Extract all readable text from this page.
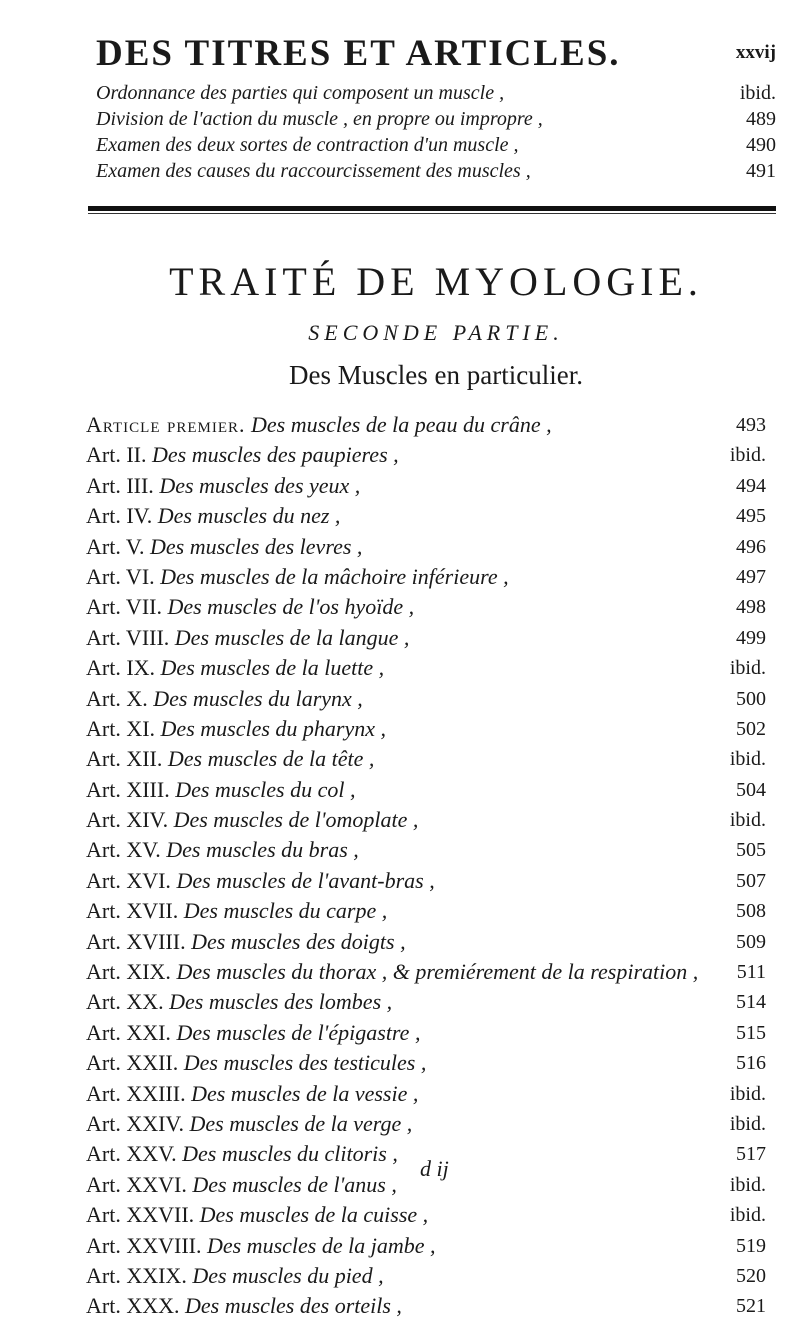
DES TITRES ET ARTICLES.	xxvij
Ordonnance des parties qui composent un muscle ,	ibid.
Division de l'action du muscle , en propre ou impropre ,	489
Examen des deux sortes de contraction d'un muscle ,	490
Examen des causes du raccourcissement des muscles ,	491
TRAITÉ DE MYOLOGIE.
SECONDE PARTIE.
Des Muscles en particulier.
Article premier. Des muscles de la peau du crâne ,	493
Art. II. Des muscles des paupieres ,	ibid.
Art. III. Des muscles des yeux ,	494
Art. IV. Des muscles du nez ,	495
Art. V. Des muscles des levres ,	496
Art. VI. Des muscles de la mâchoire inférieure ,	497
Art. VII. Des muscles de l'os hyoïde ,	498
Art. VIII. Des muscles de la langue ,	499
Art. IX. Des muscles de la luette ,	ibid.
Art. X. Des muscles du larynx ,	500
Art. XI. Des muscles du pharynx ,	502
Art. XII. Des muscles de la tête ,	ibid.
Art. XIII. Des muscles du col ,	504
Art. XIV. Des muscles de l'omoplate ,	ibid.
Art. XV. Des muscles du bras ,	505
Art. XVI. Des muscles de l'avant-bras ,	507
Art. XVII. Des muscles du carpe ,	508
Art. XVIII. Des muscles des doigts ,	509
Art. XIX. Des muscles du thorax , & premiérement de la respiration , 511
Art. XX. Des muscles des lombes ,	514
Art. XXI. Des muscles de l'épigastre ,	515
Art. XXII. Des muscles des testicules ,	516
Art. XXIII. Des muscles de la vessie ,	ibid.
Art. XXIV. Des muscles de la verge ,	ibid.
Art. XXV. Des muscles du clitoris ,	517
Art. XXVI. Des muscles de l'anus ,	ibid.
Art. XXVII. Des muscles de la cuisse ,	ibid.
Art. XXVIII. Des muscles de la jambe ,	519
Art. XXIX. Des muscles du pied ,	520
Art. XXX. Des muscles des orteils ,	521
d ij
